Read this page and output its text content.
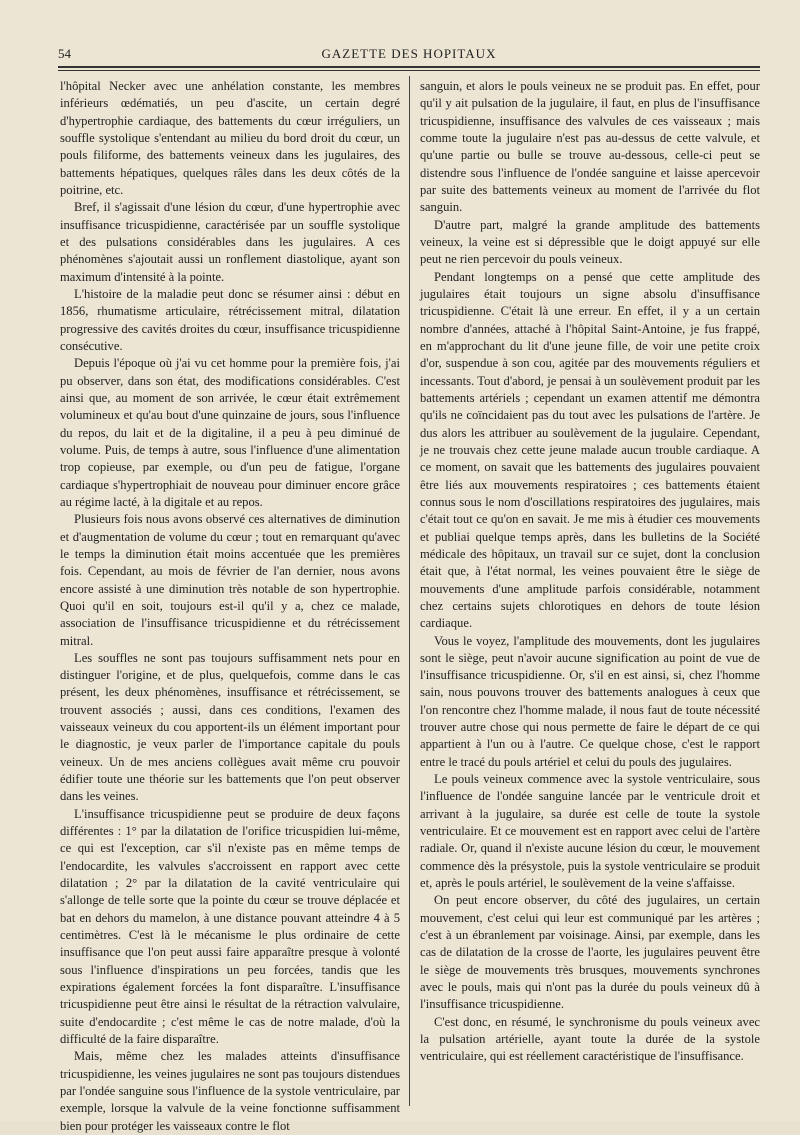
54	GAZETTE DES HOPITAUX

l'hôpital Necker avec une anhélation constante, les membres inférieurs œdématiés, un peu d'ascite, un certain degré d'hypertrophie cardiaque, des battements du cœur irréguliers, un souffle systolique s'entendant au milieu du bord droit du cœur, un pouls filiforme, des battements veineux dans les jugulaires, des battements hépatiques, quelques râles dans les deux côtés de la poitrine, etc.

Bref, il s'agissait d'une lésion du cœur, d'une hypertrophie avec insuffisance tricuspidienne, caractérisée par un souffle systolique et des pulsations considérables dans les jugulaires. A ces phénomènes s'ajoutait aussi un ronflement diastolique, ayant son maximum d'intensité à la pointe.

L'histoire de la maladie peut donc se résumer ainsi : début en 1856, rhumatisme articulaire, rétrécissement mitral, dilatation progressive des cavités droites du cœur, insuffisance tricuspidienne consécutive.

Depuis l'époque où j'ai vu cet homme pour la première fois, j'ai pu observer, dans son état, des modifications considérables. C'est ainsi que, au moment de son arrivée, le cœur était extrêmement volumineux et qu'au bout d'une quinzaine de jours, sous l'influence du repos, du lait et de la digitaline, il a peu à peu diminué de volume. Puis, de temps à autre, sous l'influence d'une alimentation trop copieuse, par exemple, ou d'un peu de fatigue, l'organe cardiaque s'hypertrophiait de nouveau pour diminuer encore grâce au régime lacté, à la digitale et au repos.

Plusieurs fois nous avons observé ces alternatives de diminution et d'augmentation de volume du cœur ; tout en remarquant qu'avec le temps la diminution était moins accentuée que les premières fois. Cependant, au mois de février de l'an dernier, nous avons encore assisté à une diminution très notable de son hypertrophie. Quoi qu'il en soit, toujours est-il qu'il y a, chez ce malade, association de l'insuffisance tricuspidienne et du rétrécissement mitral.

Les souffles ne sont pas toujours suffisamment nets pour en distinguer l'origine, et de plus, quelquefois, comme dans le cas présent, les deux phénomènes, insuffisance et rétrécissement, se trouvent associés ; aussi, dans ces conditions, l'examen des vaisseaux veineux du cou apportent-ils un élément important pour le diagnostic, je veux parler de l'importance capitale du pouls veineux. Un de mes anciens collègues avait même cru pouvoir édifier toute une théorie sur les battements que l'on peut observer dans les veines.

L'insuffisance tricuspidienne peut se produire de deux façons différentes : 1° par la dilatation de l'orifice tricuspidien lui-même, ce qui est l'exception, car s'il n'existe pas en même temps de l'endocardite, les valvules s'accroissent en rapport avec cette dilatation ; 2° par la dilatation de la cavité ventriculaire qui s'allonge de telle sorte que la pointe du cœur se trouve déplacée et bat en dehors du mamelon, à une distance pouvant atteindre 4 à 5 centimètres. C'est là le mécanisme le plus ordinaire de cette insuffisance que l'on peut aussi faire apparaître presque à volonté sous l'influence d'inspirations un peu forcées, tandis que les expirations également forcées la font disparaître. L'insuffisance tricuspidienne peut être ainsi le résultat de la rétraction valvulaire, suite d'endocardite ; c'est même le cas de notre malade, d'où la difficulté de la faire disparaître.

Mais, même chez les malades atteints d'insuffisance tricuspidienne, les veines jugulaires ne sont pas toujours distendues par l'ondée sanguine sous l'influence de la systole ventriculaire, par exemple, lorsque la valvule de la veine fonctionne suffisamment bien pour protéger les vaisseaux contre le flot

sanguin, et alors le pouls veineux ne se produit pas. En effet, pour qu'il y ait pulsation de la jugulaire, il faut, en plus de l'insuffisance tricuspidienne, insuffisance des valvules de ces vaisseaux ; mais comme toute la jugulaire n'est pas au-dessus de cette valvule, et qu'une partie ou bulle se trouve au-dessous, celle-ci peut se distendre sous l'influence de l'ondée sanguine et laisse apercevoir par suite des battements veineux au moment de l'arrivée du flot sanguin.

D'autre part, malgré la grande amplitude des battements veineux, la veine est si dépressible que le doigt appuyé sur elle peut ne rien percevoir du pouls veineux.

Pendant longtemps on a pensé que cette amplitude des jugulaires était toujours un signe absolu d'insuffisance tricuspidienne. C'était là une erreur. En effet, il y a un certain nombre d'années, attaché à l'hôpital Saint-Antoine, je fus frappé, en m'approchant du lit d'une jeune fille, de voir une petite croix d'or, suspendue à son cou, agitée par des mouvements réguliers et incessants. Tout d'abord, je pensai à un soulèvement produit par les battements artériels ; cependant un examen attentif me démontra qu'ils ne coïncidaient pas du tout avec les pulsations de l'artère. Je dus alors les attribuer au soulèvement de la jugulaire. Cependant, je ne trouvais chez cette jeune malade aucun trouble cardiaque. A ce moment, on savait que les battements des jugulaires pouvaient être liés aux mouvements respiratoires ; ces battements étaient connus sous le nom d'oscillations respiratoires des jugulaires, mais c'était tout ce qu'on en savait. Je me mis à étudier ces mouvements et publiai quelque temps après, dans les bulletins de la Société médicale des hôpitaux, un travail sur ce sujet, dont la conclusion était que, à l'état normal, les veines pouvaient être le siège de mouvements d'une amplitude parfois considérable, notamment chez certains sujets chlorotiques en dehors de toute lésion cardiaque.

Vous le voyez, l'amplitude des mouvements, dont les jugulaires sont le siège, peut n'avoir aucune signification au point de vue de l'insuffisance tricuspidienne. Or, s'il en est ainsi, si, chez l'homme sain, nous pouvons trouver des battements analogues à ceux que l'on rencontre chez l'homme malade, il nous faut de toute nécessité trouver autre chose qui nous permette de faire le départ de ce qui appartient à l'un ou à l'autre. Ce quelque chose, c'est le rapport entre le tracé du pouls artériel et celui du pouls des jugulaires.

Le pouls veineux commence avec la systole ventriculaire, sous l'influence de l'ondée sanguine lancée par le ventricule droit et arrivant à la jugulaire, sa durée est celle de toute la systole ventriculaire. Et ce mouvement est en rapport avec celui de l'artère radiale. Or, quand il n'existe aucune lésion du cœur, le mouvement commence dès la présystole, puis la systole ventriculaire se produit et, après le pouls artériel, le soulèvement de la veine s'affaisse.

On peut encore observer, du côté des jugulaires, un certain mouvement, c'est celui qui leur est communiqué par les artères ; c'est à un ébranlement par voisinage. Ainsi, par exemple, dans les cas de dilatation de la crosse de l'aorte, les jugulaires peuvent être le siège de mouvements très brusques, mouvements synchrones avec le pouls, mais qui n'ont pas la durée du pouls veineux dû à l'insuffisance tricuspidienne.

C'est donc, en résumé, le synchronisme du pouls veineux avec la pulsation artérielle, ayant toute la durée de la systole ventriculaire, qui est réellement caractéristique de l'insuffisance.
